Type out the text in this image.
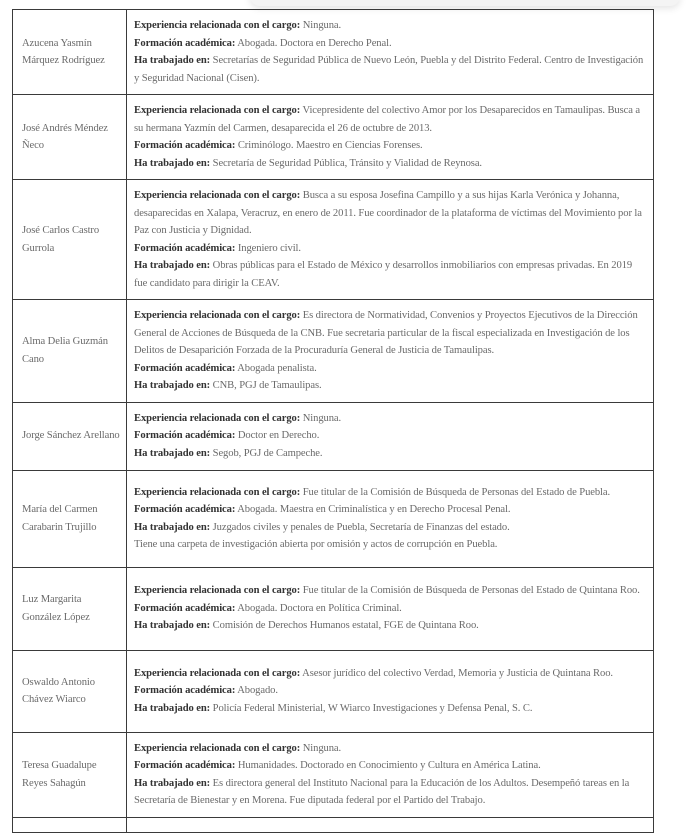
Azucena Yasmín Márquez Rodríguez	Experiencia relacionada con el cargo: Ninguna.
Formación académica: Abogada. Doctora en Derecho Penal.
Ha trabajado en: Secretarías de Seguridad Pública de Nuevo León, Puebla y del Distrito Federal. Centro de Investigación y Seguridad Nacional (Cisen).

José Andrés Méndez Ñeco	Experiencia relacionada con el cargo: Vicepresidente del colectivo Amor por los Desaparecidos en Tamaulipas. Busca a su hermana Yazmín del Carmen, desaparecida el 26 de octubre de 2013.
Formación académica: Criminólogo. Maestro en Ciencias Forenses.
Ha trabajado en: Secretaría de Seguridad Pública, Tránsito y Vialidad de Reynosa.

José Carlos Castro Gurrola	Experiencia relacionada con el cargo: Busca a su esposa Josefina Campillo y a sus hijas Karla Verónica y Johanna, desaparecidas en Xalapa, Veracruz, en enero de 2011. Fue coordinador de la plataforma de víctimas del Movimiento por la Paz con Justicia y Dignidad.
Formación académica: Ingeniero civil.
Ha trabajado en: Obras públicas para el Estado de México y desarrollos inmobiliarios con empresas privadas. En 2019 fue candidato para dirigir la CEAV.

Alma Delia Guzmán Cano	Experiencia relacionada con el cargo: Es directora de Normatividad, Convenios y Proyectos Ejecutivos de la Dirección General de Acciones de Búsqueda de la CNB. Fue secretaria particular de la fiscal especializada en Investigación de los Delitos de Desaparición Forzada de la Procuraduría General de Justicia de Tamaulipas.
Formación académica: Abogada penalista.
Ha trabajado en: CNB, PGJ de Tamaulipas.

Jorge Sánchez Arellano	Experiencia relacionada con el cargo: Ninguna.
Formación académica: Doctor en Derecho.
Ha trabajado en: Segob, PGJ de Campeche.

María del Carmen Carabarin Trujillo	Experiencia relacionada con el cargo: Fue titular de la Comisión de Búsqueda de Personas del Estado de Puebla.
Formación académica: Abogada. Maestra en Criminalística y en Derecho Procesal Penal.
Ha trabajado en: Juzgados civiles y penales de Puebla, Secretaría de Finanzas del estado.
Tiene una carpeta de investigación abierta por omisión y actos de corrupción en Puebla.

Luz Margarita González López	Experiencia relacionada con el cargo: Fue titular de la Comisión de Búsqueda de Personas del Estado de Quintana Roo.
Formación académica: Abogada. Doctora en Política Criminal.
Ha trabajado en: Comisión de Derechos Humanos estatal, FGE de Quintana Roo.

Oswaldo Antonio Chávez Wiarco	Experiencia relacionada con el cargo: Asesor jurídico del colectivo Verdad, Memoria y Justicia de Quintana Roo.
Formación académica: Abogado.
Ha trabajado en: Policía Federal Ministerial, W Wiarco Investigaciones y Defensa Penal, S. C.

Teresa Guadalupe Reyes Sahagún	Experiencia relacionada con el cargo: Ninguna.
Formación académica: Humanidades. Doctorado en Conocimiento y Cultura en América Latina.
Ha trabajado en: Es directora general del Instituto Nacional para la Educación de los Adultos. Desempeñó tareas en la Secretaría de Bienestar y en Morena. Fue diputada federal por el Partido del Trabajo.
